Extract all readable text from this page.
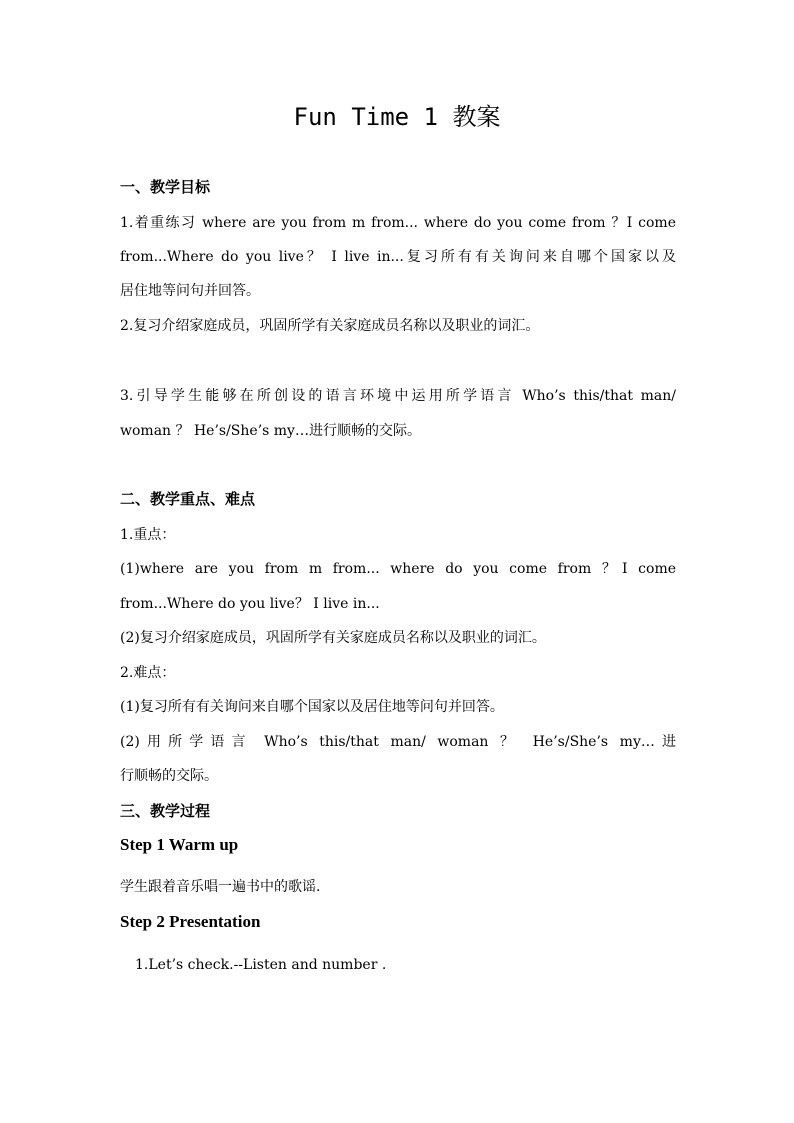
Fun Time 1 教案
一、教学目标
1.着重练习 where are you from m from... where do you come from ？I come
from...Where do you live？ I live in...复习所有有关询问来自哪个国家以及
居住地等问句并回答。
2.复习介绍家庭成员，巩固所学有关家庭成员名称以及职业的词汇。
3.引导学生能够在所创设的语言环境中运用所学语言 Who’s this/that man/
woman ？ He’s/She’s my…进行顺畅的交际。
二、教学重点、难点
1.重点：
(1)where are you from m from... where do you come from ？I come
from...Where do you live？ I live in...
(2)复习介绍家庭成员，巩固所学有关家庭成员名称以及职业的词汇。
2.难点：
(1)复习所有有关询问来自哪个国家以及居住地等问句并回答。
(2)用所学语言 Who’s this/that man/ woman ？ He’s/She’s my…进
行顺畅的交际。
三、教学过程
Step 1 Warm up
学生跟着音乐唱一遍书中的歌谣.
Step 2 Presentation
1.Let’s check.--Listen and number .
